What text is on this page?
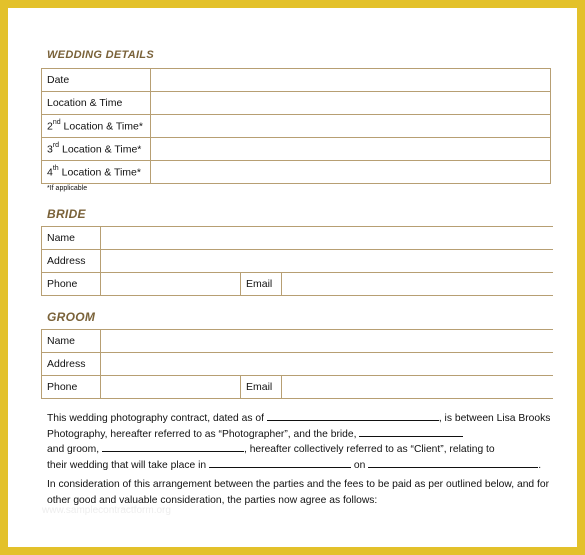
WEDDING DETAILS
Date	
Location & Time	
2nd Location & Time*	
3rd Location & Time*	
4th Location & Time*	
*If applicable
BRIDE
Name			
Address			
Phone		Email	
GROOM
Name			
Address			
Phone		Email	
This wedding photography contract, dated as of	, is between Lisa Brooks
Photography, hereafter referred to as “Photographer”, and the bride,
and groom,	, hereafter collectively referred to as “Client”, relating to
their wedding that will take place in	on	.
In consideration of this arrangement between the parties and the fees to be paid as per outlined below, and for
other good and valuable consideration, the parties now agree as follows:
www.samplecontractform.org
